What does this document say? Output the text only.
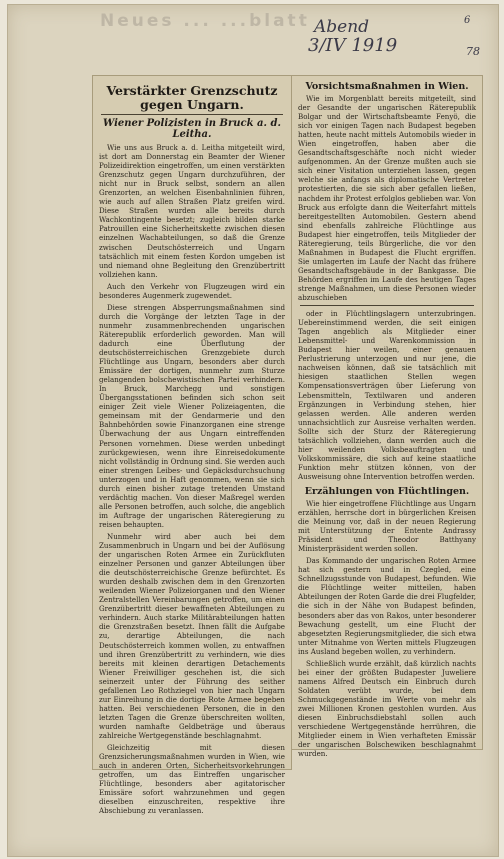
Neues ... ...blatt Abend
3/IV 1919
6
78
Verstärkter Grenzschutz gegen Ungarn.
Wiener Polizisten in Bruck a. d. Leitha.

Wie uns aus Bruck a. d. Leitha mitgeteilt wird, ist dort am Donnerstag ein Beamter der Wiener Polizeidirektion eingetroffen, um einen verstärkten Grenzschutz gegen Ungarn durchzuführen, der nicht nur in Bruck selbst, sondern an allen Grenzorten, an welchen Eisenbahnlinien führen, wie auch auf allen Straßen Platz greifen wird. Diese Straßen wurden alle bereits durch Wachkontingente besetzt; zugleich bilden starke Patrouillen eine Sicherheitskette zwischen diesen einzelnen Wachabteilungen, so daß die Grenze zwischen Deutschösterreich und Ungarn tatsächlich mit einem festen Kordon umgeben ist und niemand ohne Begleitung den Grenzübertritt vollziehen kann.

Auch den Verkehr von Flugzeugen wird ein besonderes Augenmerk zugewendet.

Diese strengen Absperrungsmaßnahmen sind durch die Vorgänge der letzten Tage in der nunmehr zusammenbrechenden ungarischen Räterepublik erforderlich geworden. Man will dadurch eine Überflutung der deutschösterreichischen Grenzgebiete durch Flüchtlinge aus Ungarn, besonders aber durch Emissäre der dortigen, nunmehr zum Sturze gelangenden bolschewistischen Partei verhindern. In Bruck, Marchegg und sonstigen Übergangsstationen befinden sich schon seit einiger Zeit viele Wiener Polizeiagenten, die gemeinsam mit der Gendarmerie und den Bahnbehörden sowie Finanzorganen eine strenge Überwachung der aus Ungarn eintreffenden Personen vornehmen. Diese werden unbedingt zurückgewiesen, wenn ihre Einreisedokumente nicht vollständig in Ordnung sind. Sie werden auch einer strengen Leibes- und Gepäcksdurchsuchung unterzogen und in Haft genommen, wenn sie sich durch einen bisher zutage tretenden Umstand verdächtig machen. Von dieser Maßregel werden alle Personen betroffen, auch solche, die angeblich im Auftrage der ungarischen Räteregierung zu reisen behaupten.

Nunmehr wird aber auch bei dem Zusammenbruch in Ungarn und bei der Auflösung der ungarischen Roten Armee ein Zurückfluten einzelner Personen und ganzer Abteilungen über die deutschösterreichische Grenze befürchtet. Es wurden deshalb zwischen dem in den Grenzorten weilenden Wiener Polizeiorganen und den Wiener Zentralstellen Vereinbarungen getroffen, um einen Grenzübertritt dieser bewaffneten Abteilungen zu verhindern. Auch starke Militärabteilungen hatten die Grenzstraßen besetzt. Ihnen fällt die Aufgabe zu, derartige Abteilungen, die nach Deutschösterreich kommen wollen, zu entwaffnen und ihren Grenzübertritt zu verhindern, wie dies bereits mit kleinen derartigen Detachements Wiener Freiwilliger geschehen ist, die sich seinerzeit unter der Führung des seither gefallenen Leo Rothziegel von hier nach Ungarn zur Einreihung in die dortige Rote Armee begeben hatten. Bei verschiedenen Personen, die in den letzten Tagen die Grenze überschreiten wollten, wurden namhafte Geldbeträge und überaus zahlreiche Wertgegenstände beschlagnahmt.

Gleichzeitig mit diesen Grenzsicherungsmaßnahmen wurden in Wien, wie auch in anderen Orten, Sicherheitsvorkehrungen getroffen, um das Eintreffen ungarischer Flüchtlinge, besonders aber agitatorischer Emissäre sofort wahrzunehmen und gegen dieselben einzuschreiten, respektive ihre Abschiebung zu veranlassen.

Vorsichtsmaßnahmen in Wien.

Wie im Morgenblatt bereits mitgeteilt, sind der Gesandte der ungarischen Räterepublik Bolgar und der Wirtschaftsbeamte Fenyö, die sich vor einigen Tagen nach Budapest begeben hatten, heute nacht mittels Automobils wieder in Wien eingetroffen, haben aber die Gesandtschaftsgeschäfte noch nicht wieder aufgenommen. An der Grenze mußten auch sie sich einer Visitation unterziehen lassen, gegen welche sie anfangs als diplomatische Vertreter protestierten, die sie sich aber gefallen ließen, nachdem ihr Protest erfolglos geblieben war. Von Bruck aus erfolgte dann die Weiterfahrt mittels bereitgestellten Automobilen. Gestern abend sind ebenfalls zahlreiche Flüchtlinge aus Budapest hier eingetroffen, teils Mitglieder der Räteregierung, teils Bürgerliche, die vor den Maßnahmen in Budapest die Flucht ergriffen. Sie umlagerten im Laufe der Nacht das frühere Gesandtschaftsgebäude in der Bankgasse. Die Behörden ergriffen im Laufe des heutigen Tages strenge Maßnahmen, um diese Personen wieder abzuschieben

oder in Flüchtlingslagern unterzubringen. Uebereinstimmend werden, die seit einigen Tagen angeblich als Mitglieder einer Lebensmittel- und Warenkommission in Budapest hier weilen, einer genauen Perlustrierung unterzogen und nur jene, die nachweisen können, daß sie tatsächlich mit hiesigen staatlichen Stellen wegen Kompensationsverträgen über Lieferung von Lebensmitteln, Textilwaren und anderen Ergänzungen in Verbindung stehen, hier gelassen werden. Alle anderen werden unnachsichtlich zur Ausreise verhalten werden. Sollte sich der Sturz der Räteregierung tatsächlich vollziehen, dann werden auch die hier weilenden Volksbeauftragten und Volkskommissäre, die sich auf keine staatliche Funktion mehr stützen können, von der Ausweisung ohne Intervention betroffen werden.

Erzählungen von Flüchtlingen.

Wie hier eingetroffene Flüchtlinge aus Ungarn erzählen, herrsche dort in bürgerlichen Kreisen die Meinung vor, daß in der neuen Regierung mit Unterstützung der Entente Andrassy Präsident und Theodor Batthyany Ministerpräsident werden sollen.

Das Kommando der ungarischen Roten Armee hat sich gestern und in Czegled, eine Schnellzugsstunde von Budapest, befunden. Wie die Flüchtlinge weiter mitteilen, haben Abteilungen der Roten Garde die drei Flugfelder, die sich in der Nähe von Budapest befinden, besonders aber das von Rakos, unter besonderer Bewachung gestellt, um eine Flucht der abgesetzten Regierungsmitglieder, die sich etwa unter Mitnahme von Werten mittels Flugzeugen ins Ausland begeben wollen, zu verhindern.

Schließlich wurde erzählt, daß kürzlich nachts bei einer der größten Budapester Juweliere namens Alfred Deutsch ein Einbruch durch Soldaten verübt wurde, bei dem Schmuckgegenstände im Werte von mehr als zwei Millionen Kronen gestohlen wurden. Aus diesen Einbruchsdiebstahl sollen auch verschiedene Wertgegenstände herrühren, die Mitglieder einem in Wien verhafteten Emissär der ungarischen Bolschewiken beschlagnahmt wurden.
